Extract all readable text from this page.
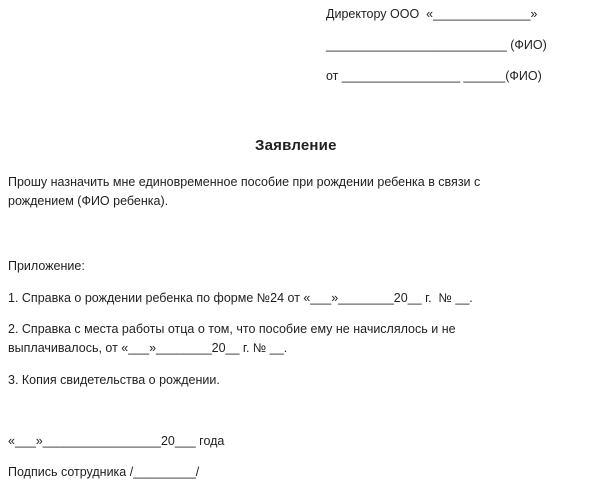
Директору ООО  «______________»
__________________________ (ФИО)
от _________________ ______(ФИО)
Заявление
Прошу назначить мне единовременное пособие при рождении ребенка в связи с
рождением (ФИО ребенка).
Приложение:
1. Справка о рождении ребенка по форме №24 от «___»________20__ г.  № __.
2. Справка с места работы отца о том, что пособие ему не начислялось и не
выплачивалось, от «___»________20__ г. № __.
3. Копия свидетельства о рождении.
«___»_________________20___ года
Подпись сотрудника /_________/
